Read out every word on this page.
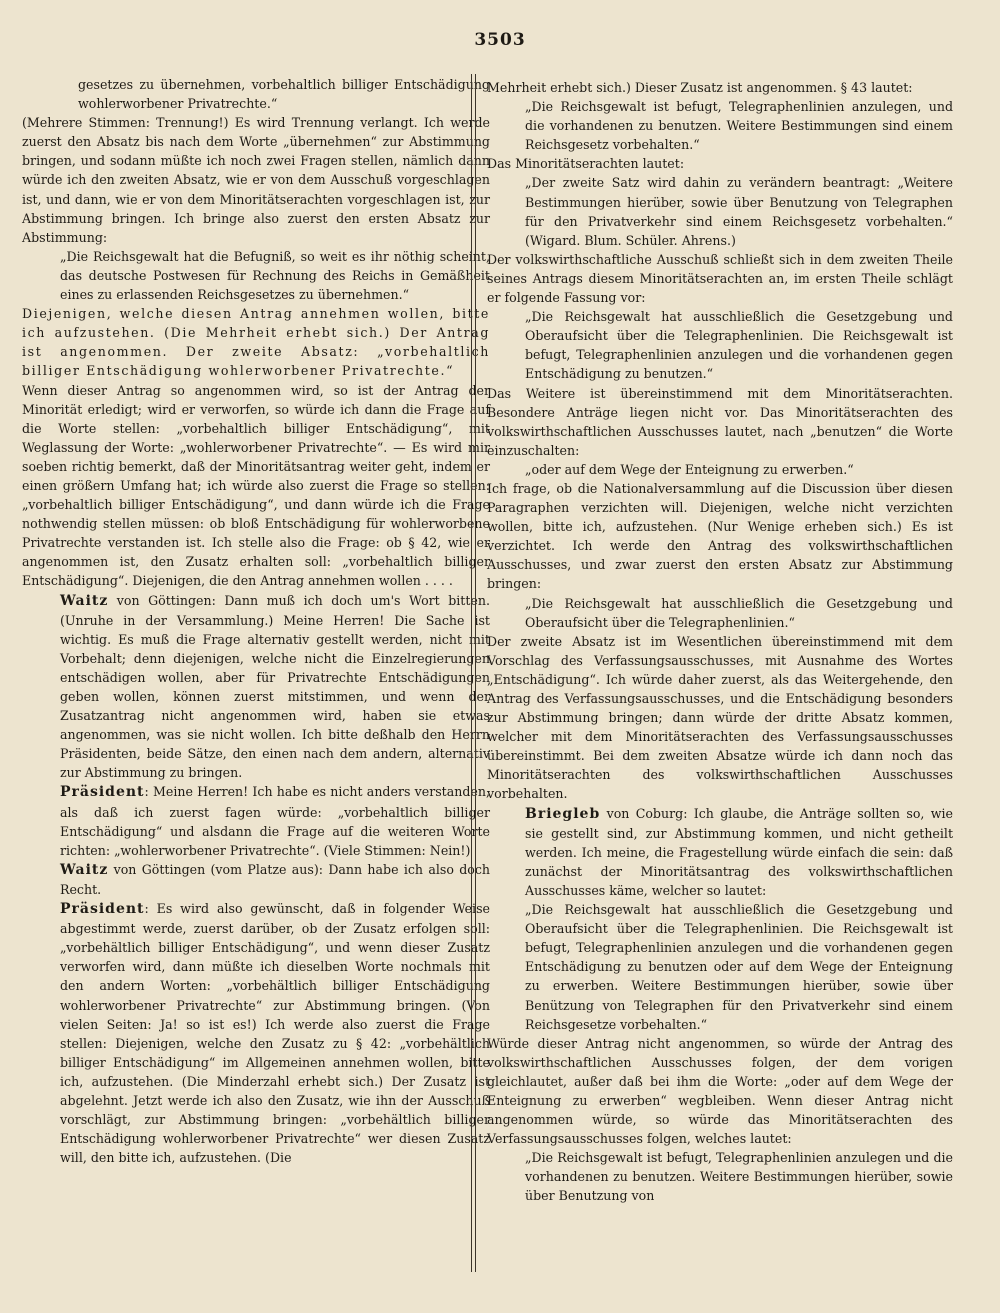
3503

gesetzes zu übernehmen, vorbehaltlich billiger Entschädigung wohlerworbener Privatrechte.“

(Mehrere Stimmen: Trennung!) Es wird Trennung verlangt. Ich werde zuerst den Absatz bis nach dem Worte „übernehmen“ zur Abstimmung bringen, und sodann müßte ich noch zwei Fragen stellen, nämlich dann würde ich den zweiten Absatz, wie er von dem Ausschuß vorgeschlagen ist, und dann, wie er von dem Minoritätserachten vorgeschlagen ist, zur Abstimmung bringen. Ich bringe also zuerst den ersten Absatz zur Abstimmung:

„Die Reichsgewalt hat die Befugniß, so weit es ihr nöthig scheint, das deutsche Postwesen für Rechnung des Reichs in Gemäßheit eines zu erlassenden Reichsgesetzes zu übernehmen.“

Diejenigen, welche diesen Antrag annehmen wollen, bitte ich aufzustehen. (Die Mehrheit erhebt sich.) Der Antrag ist angenommen. Der zweite Absatz: „vorbehaltlich billiger Entschädigung wohlerworbener Privatrechte.“

Wenn dieser Antrag so angenommen wird, so ist der Antrag der Minorität erledigt; wird er verworfen, so würde ich dann die Frage auf die Worte stellen: „vorbehaltlich billiger Entschädigung“, mit Weglassung der Worte: „wohlerworbener Privatrechte“. — Es wird mir soeben richtig bemerkt, daß der Minoritätsantrag weiter geht, indem er einen größern Umfang hat; ich würde also zuerst die Frage so stellen: „vorbehaltlich billiger Entschädigung“, und dann würde ich die Frage nothwendig stellen müssen: ob bloß Entschädigung für wohlerworbene Privatrechte verstanden ist. Ich stelle also die Frage: ob § 42, wie er angenommen ist, den Zusatz erhalten soll: „vorbehaltlich billiger Entschädigung“. Diejenigen, die den Antrag annehmen wollen . . . .

Waitz von Göttingen: Dann muß ich doch um's Wort bitten. (Unruhe in der Versammlung.) Meine Herren! Die Sache ist wichtig. Es muß die Frage alternativ gestellt werden, nicht mit Vorbehalt; denn diejenigen, welche nicht die Einzelregierungen entschädigen wollen, aber für Privatrechte Entschädigungen geben wollen, können zuerst mitstimmen, und wenn der Zusatzantrag nicht angenommen wird, haben sie etwas angenommen, was sie nicht wollen. Ich bitte deßhalb den Herrn Präsidenten, beide Sätze, den einen nach dem andern, alternativ zur Abstimmung zu bringen.

Präsident: Meine Herren! Ich habe es nicht anders verstanden, als daß ich zuerst fagen würde: „vorbehaltlich billiger Entschädigung“ und alsdann die Frage auf die weiteren Worte richten: „wohlerworbener Privatrechte“. (Viele Stimmen: Nein!)

Waitz von Göttingen (vom Platze aus): Dann habe ich also doch Recht.

Präsident: Es wird also gewünscht, daß in folgender Weise abgestimmt werde, zuerst darüber, ob der Zusatz erfolgen soll: „vorbehältlich billiger Entschädigung“, und wenn dieser Zusatz verworfen wird, dann müßte ich dieselben Worte nochmals mit den andern Worten: „vorbehältlich billiger Entschädigung wohlerworbener Privatrechte“ zur Abstimmung bringen. (Von vielen Seiten: Ja! so ist es!) Ich werde also zuerst die Frage stellen: Diejenigen, welche den Zusatz zu § 42: „vorbehältlich billiger Entschädigung“ im Allgemeinen annehmen wollen, bitte ich, aufzustehen. (Die Minderzahl erhebt sich.) Der Zusatz ist abgelehnt. Jetzt werde ich also den Zusatz, wie ihn der Ausschuß vorschlägt, zur Abstimmung bringen: „vorbehältlich billiger Entschädigung wohlerworbener Privatrechte“ wer diesen Zusatz will, den bitte ich, aufzustehen. (Die

Mehrheit erhebt sich.) Dieser Zusatz ist angenommen. § 43 lautet:

„Die Reichsgewalt ist befugt, Telegraphenlinien anzulegen, und die vorhandenen zu benutzen. Weitere Bestimmungen sind einem Reichsgesetz vorbehalten.“

Das Minoritätserachten lautet:

„Der zweite Satz wird dahin zu verändern beantragt: „Weitere Bestimmungen hierüber, sowie über Benutzung von Telegraphen für den Privatverkehr sind einem Reichsgesetz vorbehalten.“ (Wigard. Blum. Schüler. Ahrens.)

Der volkswirthschaftliche Ausschuß schließt sich in dem zweiten Theile seines Antrags diesem Minoritätserachten an, im ersten Theile schlägt er folgende Fassung vor:

„Die Reichsgewalt hat ausschließlich die Gesetzgebung und Oberaufsicht über die Telegraphenlinien. Die Reichsgewalt ist befugt, Telegraphenlinien anzulegen und die vorhandenen gegen Entschädigung zu benutzen.“

Das Weitere ist übereinstimmend mit dem Minoritätserachten. Besondere Anträge liegen nicht vor. Das Minoritätserachten des volkswirthschaftlichen Ausschusses lautet, nach „benutzen“ die Worte einzuschalten:

„oder auf dem Wege der Enteignung zu erwerben.“

Ich frage, ob die Nationalversammlung auf die Discussion über diesen Paragraphen verzichten will. Diejenigen, welche nicht verzichten wollen, bitte ich, aufzustehen. (Nur Wenige erheben sich.) Es ist verzichtet. Ich werde den Antrag des volkswirthschaftlichen Ausschusses, und zwar zuerst den ersten Absatz zur Abstimmung bringen:

„Die Reichsgewalt hat ausschließlich die Gesetzgebung und Oberaufsicht über die Telegraphenlinien.“

Der zweite Absatz ist im Wesentlichen übereinstimmend mit dem Vorschlag des Verfassungsausschusses, mit Ausnahme des Wortes „Entschädigung“. Ich würde daher zuerst, als das Weitergehende, den Antrag des Verfassungsausschusses, und die Entschädigung besonders zur Abstimmung bringen; dann würde der dritte Absatz kommen, welcher mit dem Minoritätserachten des Verfassungsausschusses übereinstimmt. Bei dem zweiten Absatze würde ich dann noch das Minoritätserachten des volkswirthschaftlichen Ausschusses vorbehalten.

Briegleb von Coburg: Ich glaube, die Anträge sollten so, wie sie gestellt sind, zur Abstimmung kommen, und nicht getheilt werden. Ich meine, die Fragestellung würde einfach die sein: daß zunächst der Minoritätsantrag des volkswirthschaftlichen Ausschusses käme, welcher so lautet:

„Die Reichsgewalt hat ausschließlich die Gesetzgebung und Oberaufsicht über die Telegraphenlinien. Die Reichsgewalt ist befugt, Telegraphenlinien anzulegen und die vorhandenen gegen Entschädigung zu benutzen oder auf dem Wege der Enteignung zu erwerben. Weitere Bestimmungen hierüber, sowie über Benützung von Telegraphen für den Privatverkehr sind einem Reichsgesetze vorbehalten.“

Würde dieser Antrag nicht angenommen, so würde der Antrag des volkswirthschaftlichen Ausschusses folgen, der dem vorigen gleichlautet, außer daß bei ihm die Worte: „oder auf dem Wege der Enteignung zu erwerben“ wegbleiben. Wenn dieser Antrag nicht angenommen würde, so würde das Minoritätserachten des Verfassungsausschusses folgen, welches lautet:

„Die Reichsgewalt ist befugt, Telegraphenlinien anzulegen und die vorhandenen zu benutzen. Weitere Bestimmungen hierüber, sowie über Benutzung von
